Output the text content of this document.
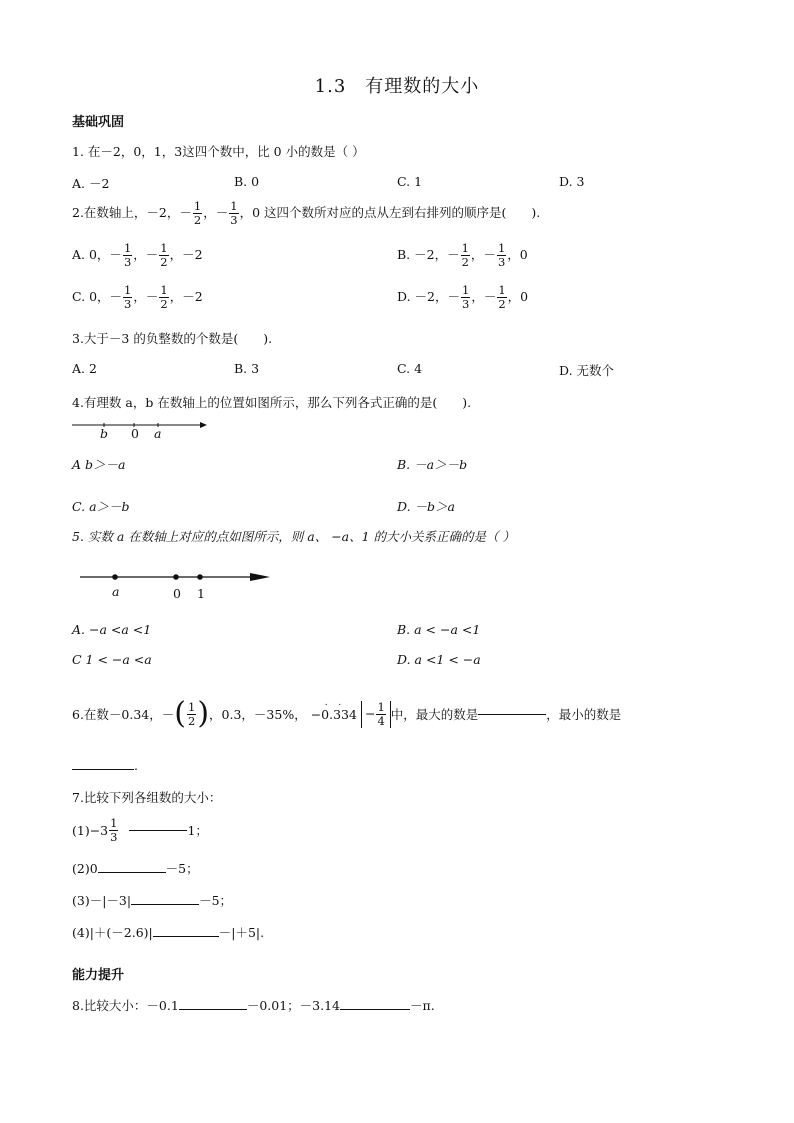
1.3　有理数的大小
基础巩固
1. 在－2，0，1，3这四个数中，比 0 小的数是（ ）
A. －2	B. 0	C. 1	D. 3
2.在数轴上，－2，－ $\frac{1}{2}$ ，－ $\frac{1}{3}$ ，0 这四个数所对应的点从左到右排列的顺序是(　　).
A. 0，－ $\frac{1}{3}$ ，－ $\frac{1}{2}$ ，－2	B. －2，－ $\frac{1}{2}$ ，－ $\frac{1}{3}$ ，0
C. 0，－ $\frac{1}{3}$ ，－ $\frac{1}{2}$ ，－2	D. －2，－ $\frac{1}{3}$ ，－ $\frac{1}{2}$ ，0
3.大于－3 的负整数的个数是(　　).
A. 2	B. 3	C. 4	D. 无数个
4.有理数 a，b 在数轴上的位置如图所示，那么下列各式正确的是(　　).
b 0 a
A b＞－a	B. －a＞－b
C. a＞－b	D. －b＞a
5. 实数 a 在数轴上对应的点如图所示，则 a、 −a、1 的大小关系正确的是（ ）
a	0 1
A. −a <a <1	B. a < −a <1
C 1 < −a <a	D. a <1 < −a
6.在数－0.34，－ ( $\frac{1}{2}$ ) ，0.3，－35%，
. .
$-0.334 - \frac{1}{4}$ 中，最大的数是	，最小的数是
.
7.比较下列各组数的大小：
$(1)-3 \frac{1}{3}$	1；
(2)0	－5；
(3)－|－3|	－5；
(4)|＋(－2.6)|	－|＋5|.
能力提升
8.比较大小：－0.1	－0.01；－3.14	－π.
